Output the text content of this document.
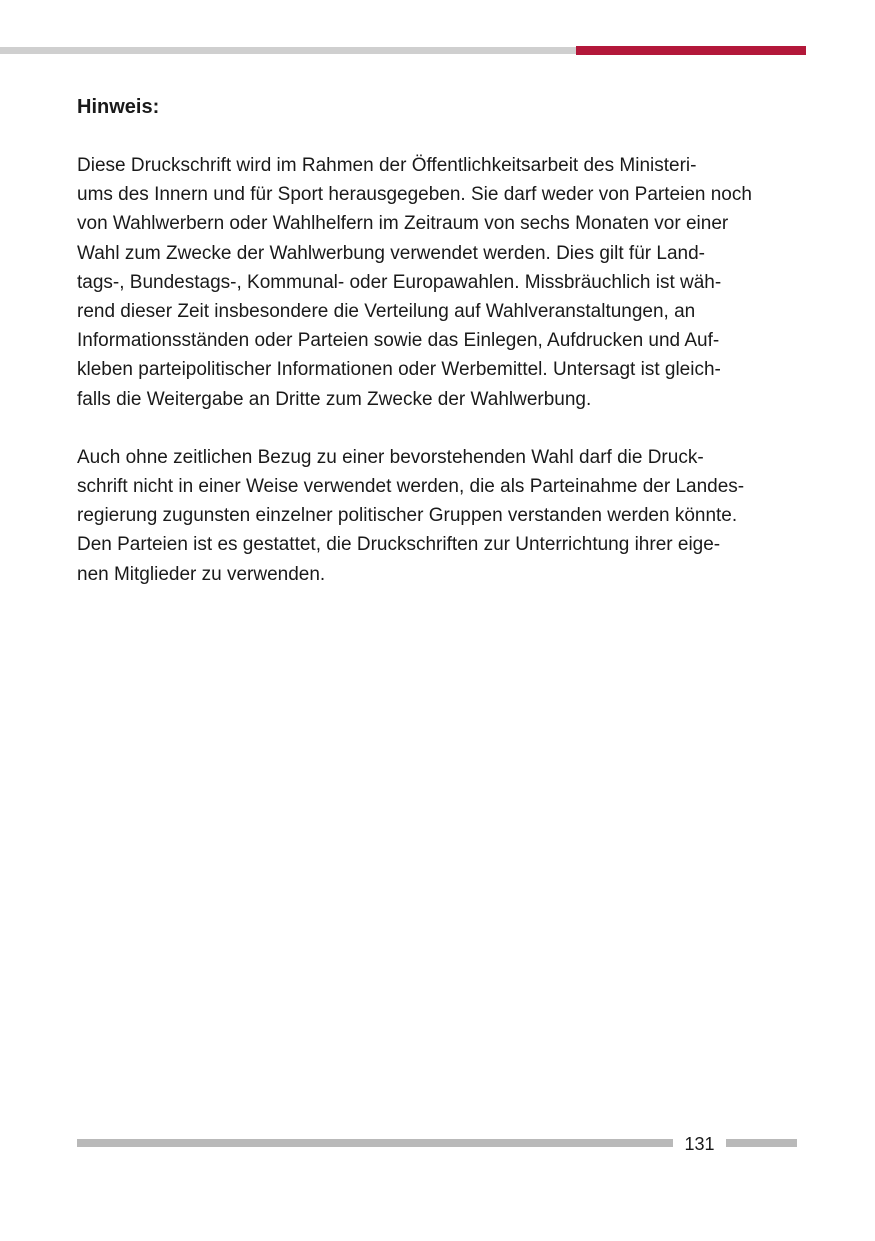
Hinweis:
Diese Druckschrift wird im Rahmen der Öffentlichkeitsarbeit des Ministeri-
ums des Innern und für Sport herausgegeben. Sie darf weder von Parteien noch
von Wahlwerbern oder Wahlhelfern im Zeitraum von sechs Monaten vor einer
Wahl zum Zwecke der Wahlwerbung verwendet werden. Dies gilt für Land-
tags-, Bundestags-, Kommunal- oder Europawahlen. Missbräuchlich ist wäh-
rend dieser Zeit insbesondere die Verteilung auf Wahlveranstaltungen, an
Informationsständen oder Parteien sowie das Einlegen, Aufdrucken und Auf-
kleben parteipolitischer Informationen oder Werbemittel. Untersagt ist gleich-
falls die Weitergabe an Dritte zum Zwecke der Wahlwerbung.
Auch ohne zeitlichen Bezug zu einer bevorstehenden Wahl darf die Druck-
schrift nicht in einer Weise verwendet werden, die als Parteinahme der Landes-
regierung zugunsten einzelner politischer Gruppen verstanden werden könnte.
Den Parteien ist es gestattet, die Druckschriften zur Unterrichtung ihrer eige-
nen Mitglieder zu verwenden.
131
